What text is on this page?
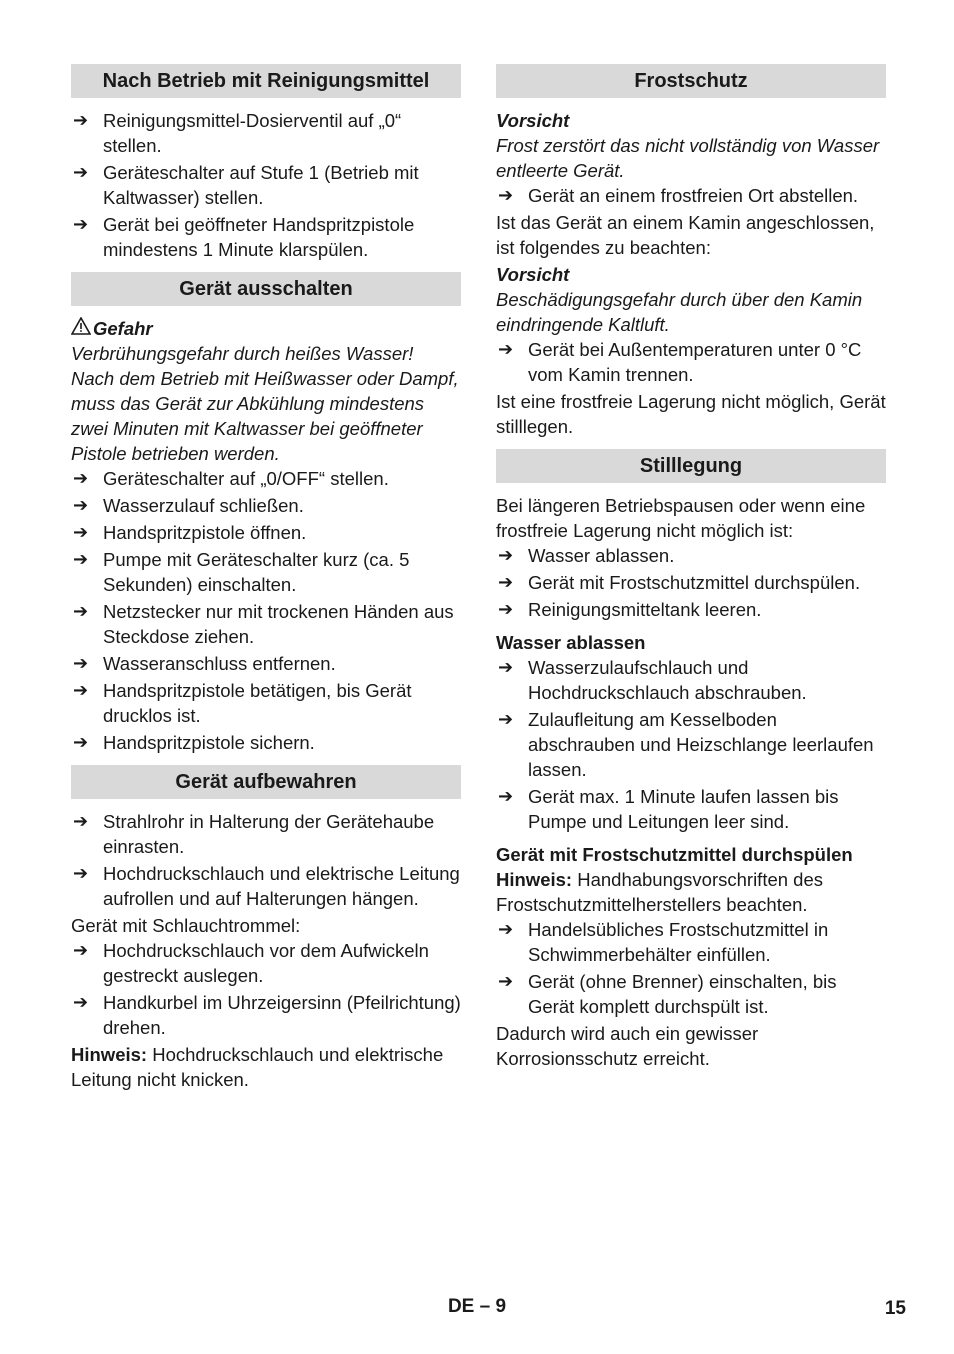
Nach Betrieb mit Reinigungsmittel
➔ Reinigungsmittel-Dosierventil auf „0“ stellen.
➔ Geräteschalter auf Stufe 1 (Betrieb mit Kaltwasser) stellen.
➔ Gerät bei geöffneter Handspritzpistole mindestens 1 Minute klarspülen.
Gerät ausschalten
Gefahr

Verbrühungsgefahr durch heißes Wasser! Nach dem Betrieb mit Heißwasser oder Dampf, muss das Gerät zur Abkühlung mindestens zwei Minuten mit Kaltwasser bei geöffneter Pistole betrieben werden.

➔ Geräteschalter auf „0/OFF“ stellen.
➔ Wasserzulauf schließen.
➔ Handspritzpistole öffnen.
➔ Pumpe mit Geräteschalter kurz (ca. 5 Sekunden) einschalten.
➔ Netzstecker nur mit trockenen Händen aus Steckdose ziehen.
➔ Wasseranschluss entfernen.
➔ Handspritzpistole betätigen, bis Gerät drucklos ist.
➔ Handspritzpistole sichern.
Gerät aufbewahren
➔ Strahlrohr in Halterung der Gerätehaube einrasten.
➔ Hochdruckschlauch und elektrische Leitung aufrollen und auf Halterungen hängen.

Gerät mit Schlauchtrommel:

➔ Hochdruckschlauch vor dem Aufwickeln gestreckt auslegen.
➔ Handkurbel im Uhrzeigersinn (Pfeilrichtung) drehen.

Hinweis: Hochdruckschlauch und elektrische Leitung nicht knicken.

Frostschutz
Vorsicht

Frost zerstört das nicht vollständig von Wasser entleerte Gerät.

➔ Gerät an einem frostfreien Ort abstellen.

Ist das Gerät an einem Kamin angeschlossen, ist folgendes zu beachten:

Vorsicht

Beschädigungsgefahr durch über den Kamin eindringende Kaltluft.

➔ Gerät bei Außentemperaturen unter 0 °C vom Kamin trennen.

Ist eine frostfreie Lagerung nicht möglich, Gerät stilllegen.

Stilllegung

Bei längeren Betriebspausen oder wenn eine frostfreie Lagerung nicht möglich ist:

➔ Wasser ablassen.
➔ Gerät mit Frostschutzmittel durchspülen.
➔ Reinigungsmitteltank leeren.
Wasser ablassen
➔ Wasserzulaufschlauch und Hochdruckschlauch abschrauben.
➔ Zulaufleitung am Kesselboden abschrauben und Heizschlange leerlaufen lassen.
➔ Gerät max. 1 Minute laufen lassen bis Pumpe und Leitungen leer sind.
Gerät mit Frostschutzmittel durchspülen

Hinweis: Handhabungsvorschriften des Frostschutzmittelherstellers beachten.

➔ Handelsübliches Frostschutzmittel in Schwimmerbehälter einfüllen.
➔ Gerät (ohne Brenner) einschalten, bis Gerät komplett durchspült ist.

Dadurch wird auch ein gewisser Korrosionsschutz erreicht.

DE – 9	15
